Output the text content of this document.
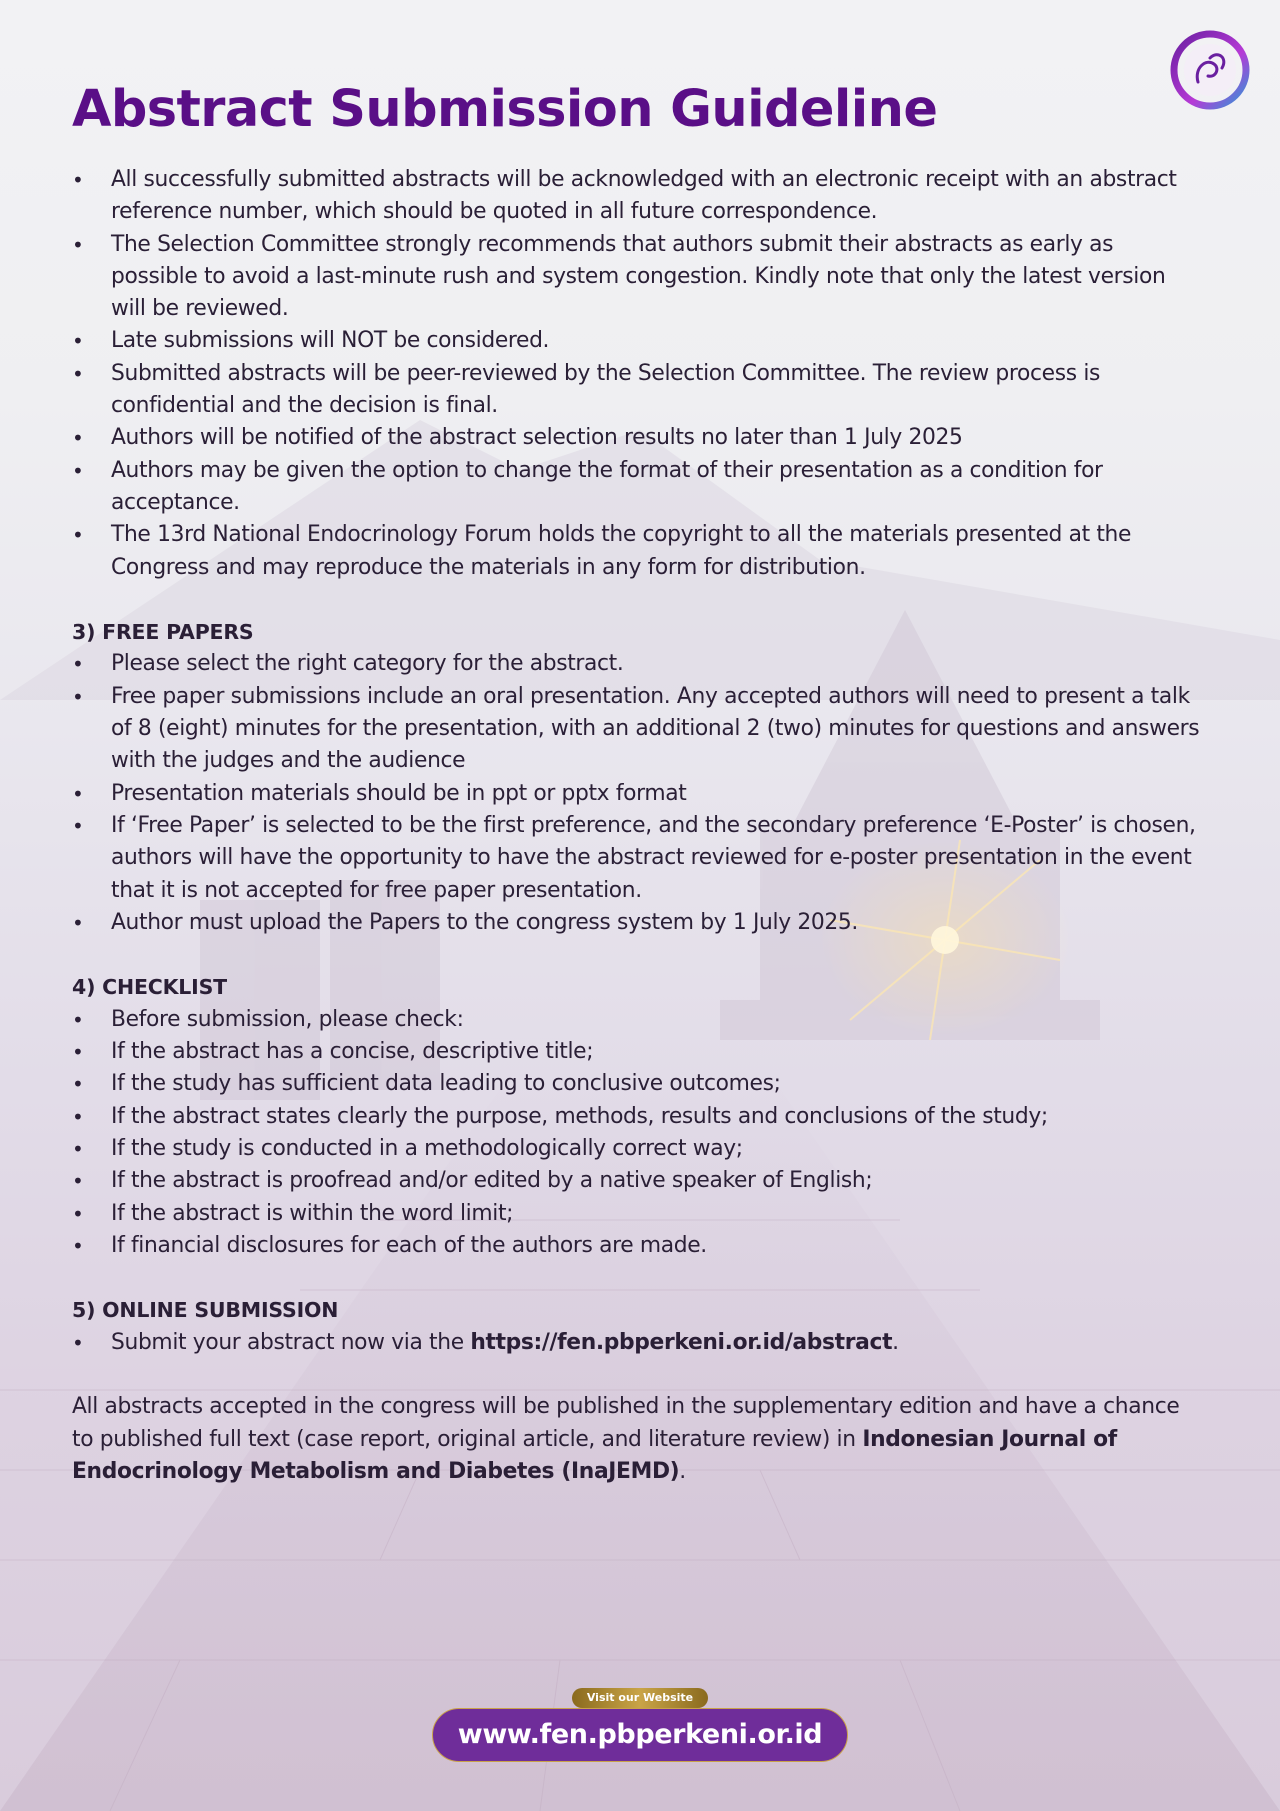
Abstract Submission Guideline
• All successfully submitted abstracts will be acknowledged with an electronic receipt with an abstract reference number, which should be quoted in all future correspondence.
• The Selection Committee strongly recommends that authors submit their abstracts as early as possible to avoid a last-minute rush and system congestion. Kindly note that only the latest version will be reviewed.
• Late submissions will NOT be considered.
• Submitted abstracts will be peer-reviewed by the Selection Committee. The review process is confidential and the decision is final.
• Authors will be notified of the abstract selection results no later than 1 July 2025
• Authors may be given the option to change the format of their presentation as a condition for acceptance.
• The 13rd National Endocrinology Forum holds the copyright to all the materials presented at the Congress and may reproduce the materials in any form for distribution.
3) FREE PAPERS
• Please select the right category for the abstract.
• Free paper submissions include an oral presentation. Any accepted authors will need to present a talk of 8 (eight) minutes for the presentation, with an additional 2 (two) minutes for questions and answers with the judges and the audience
• Presentation materials should be in ppt or pptx format
• If ‘Free Paper’ is selected to be the first preference, and the secondary preference ‘E-Poster’ is chosen, authors will have the opportunity to have the abstract reviewed for e-poster presentation in the event that it is not accepted for free paper presentation.
• Author must upload the Papers to the congress system by 1 July 2025.
4) CHECKLIST
• Before submission, please check:
• If the abstract has a concise, descriptive title;
• If the study has sufficient data leading to conclusive outcomes;
• If the abstract states clearly the purpose, methods, results and conclusions of the study;
• If the study is conducted in a methodologically correct way;
• If the abstract is proofread and/or edited by a native speaker of English;
• If the abstract is within the word limit;
• If financial disclosures for each of the authors are made.
5) ONLINE SUBMISSION
• Submit your abstract now via the https://fen.pbperkeni.or.id/abstract.
All abstracts accepted in the congress will be published in the supplementary edition and have a chance to published full text (case report, original article, and literature review) in Indonesian Journal of Endocrinology Metabolism and Diabetes (InaJEMD).
Visit our Website
www.fen.pbperkeni.or.id
